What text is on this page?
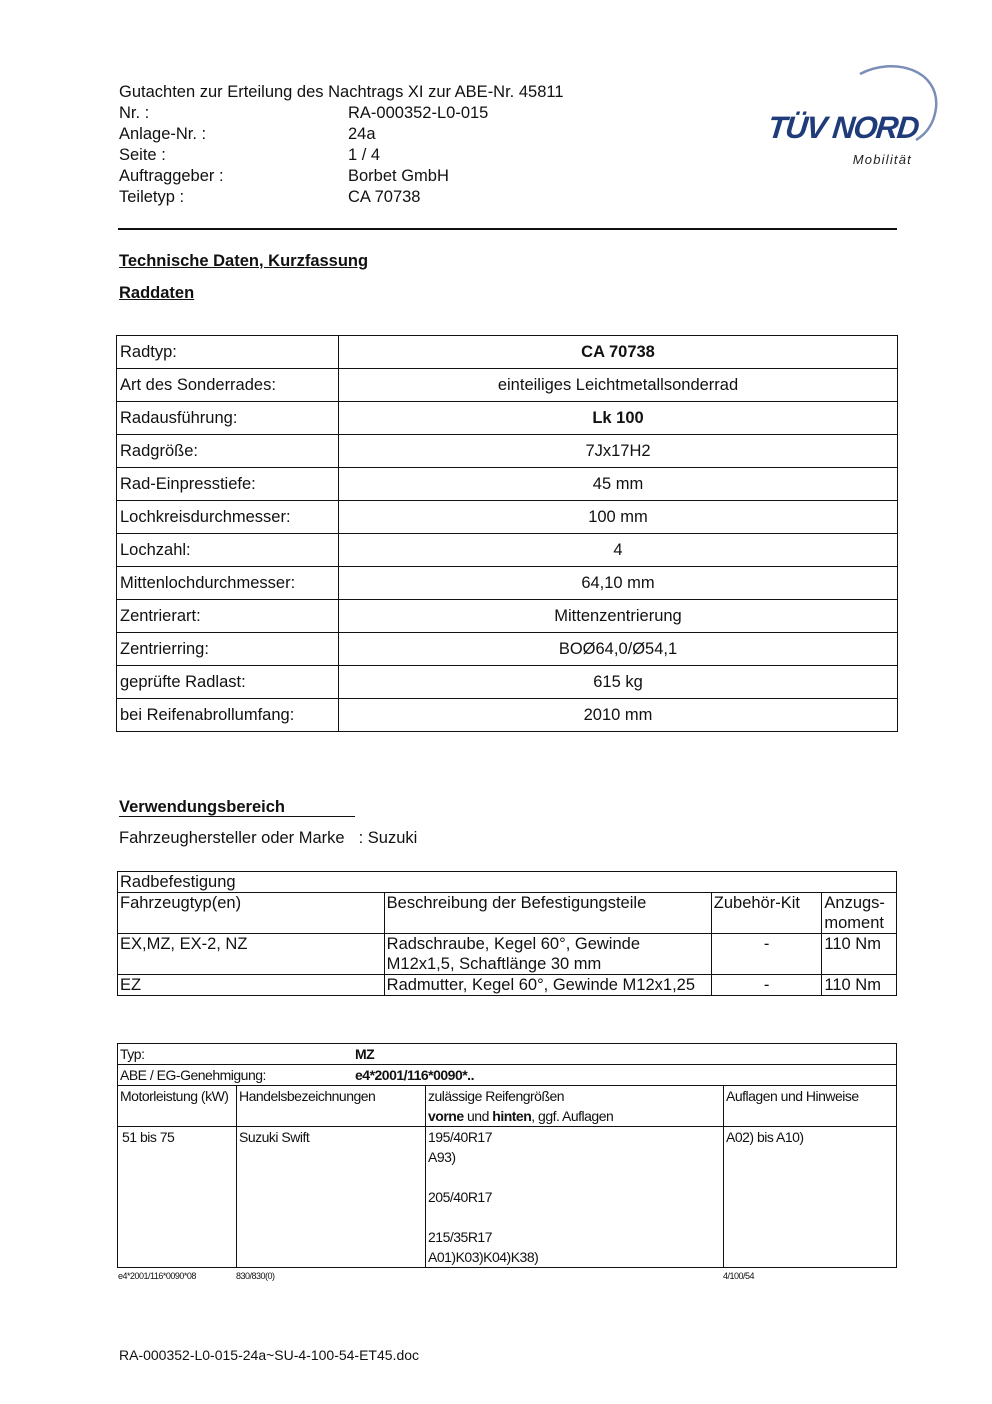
Gutachten zur Erteilung des Nachtrags XI zur ABE-Nr. 45811
Nr. :	RA-000352-L0-015
Anlage-Nr. :	24a
Seite :	1 / 4
Auftraggeber :	Borbet GmbH
Teiletyp :	CA 70738
TÜV NORD
Mobilität
Technische Daten, Kurzfassung
Raddaten
Radtyp:	CA 70738
Art des Sonderrades:	einteiliges Leichtmetallsonderrad
Radausführung:	Lk 100
Radgröße:	7Jx17H2
Rad-Einpresstiefe:	45 mm
Lochkreisdurchmesser:	100 mm
Lochzahl:	4
Mittenlochdurchmesser:	64,10 mm
Zentrierart:	Mittenzentrierung
Zentrierring:	BOØ64,0/Ø54,1
geprüfte Radlast:	615 kg
bei Reifenabrollumfang:	2010 mm
Verwendungsbereich
Fahrzeughersteller oder Marke : Suzuki
Radbefestigung			
Fahrzeugtyp(en)	Beschreibung der Befestigungsteile	Zubehör-Kit	Anzugs-
moment
EX,MZ, EX-2, NZ	Radschraube, Kegel 60°, Gewinde M12x1,5, Schaftlänge 30 mm	-	110 Nm
EZ	Radmutter, Kegel 60°, Gewinde M12x1,25	-	110 Nm
Typ: MZ			

ABE / EG-Genehmigung: e4*2001/116*0090*..			

Motorleistung (kW)	Handelsbezeichnungen	zulässige Reifengrößen
vorne und hinten, ggf. Auflagen	Auflagen und Hinweise
51 bis 75	Suzuki Swift	195/40R17
A93)
205/40R17
215/35R17
A01)K03)K04)K38)	A02) bis A10)
e4*2001/116*0090*08	830/830(0)	4/100/54
RA-000352-L0-015-24a~SU-4-100-54-ET45.doc
